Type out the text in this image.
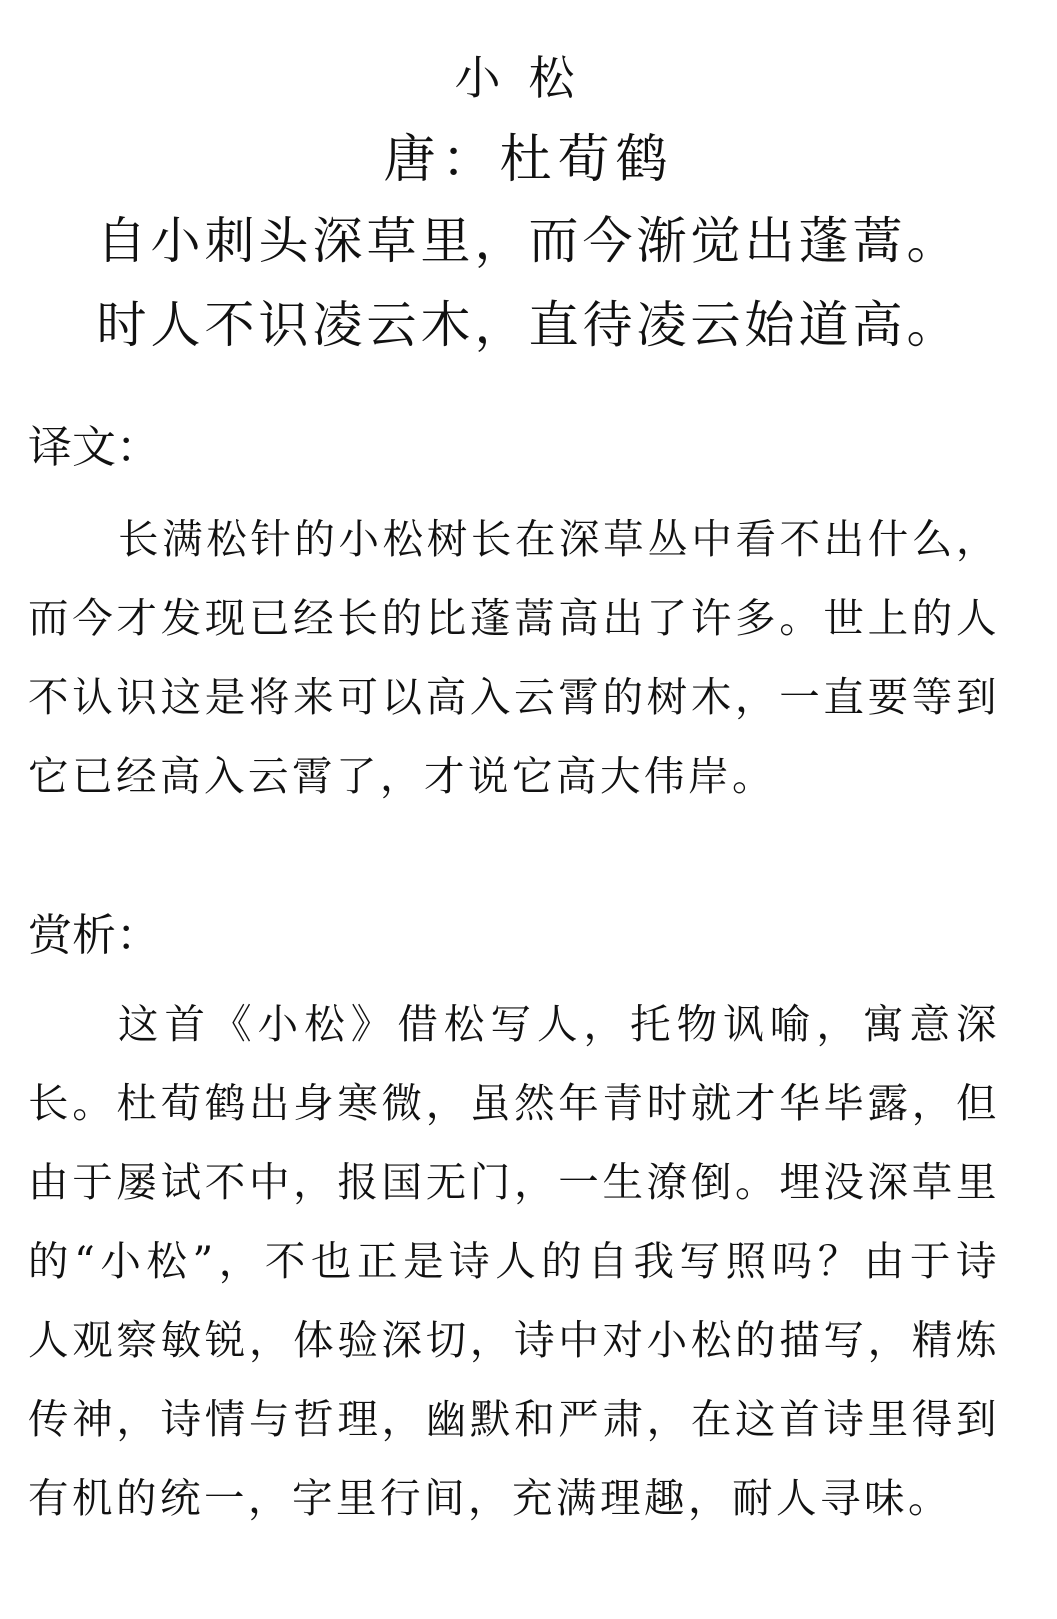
小松
唐：杜荀鹤
自小刺头深草里，而今渐觉出蓬蒿。
时人不识凌云木，直待凌云始道高。
译文：

长满松针的小松树长在深草丛中看不出什么，而今才发现已经长的比蓬蒿高出了许多。世上的人不认识这是将来可以高入云霄的树木，一直要等到它已经高入云霄了，才说它高大伟岸。

赏析：

这首《小松》借松写人，托物讽喻，寓意深长。杜荀鹤出身寒微，虽然年青时就才华毕露，但由于屡试不中，报国无门，一生潦倒。埋没深草里的“小松”，不也正是诗人的自我写照吗？由于诗人观察敏锐，体验深切，诗中对小松的描写，精炼传神，诗情与哲理，幽默和严肃，在这首诗里得到有机的统一，字里行间，充满理趣，耐人寻味。
